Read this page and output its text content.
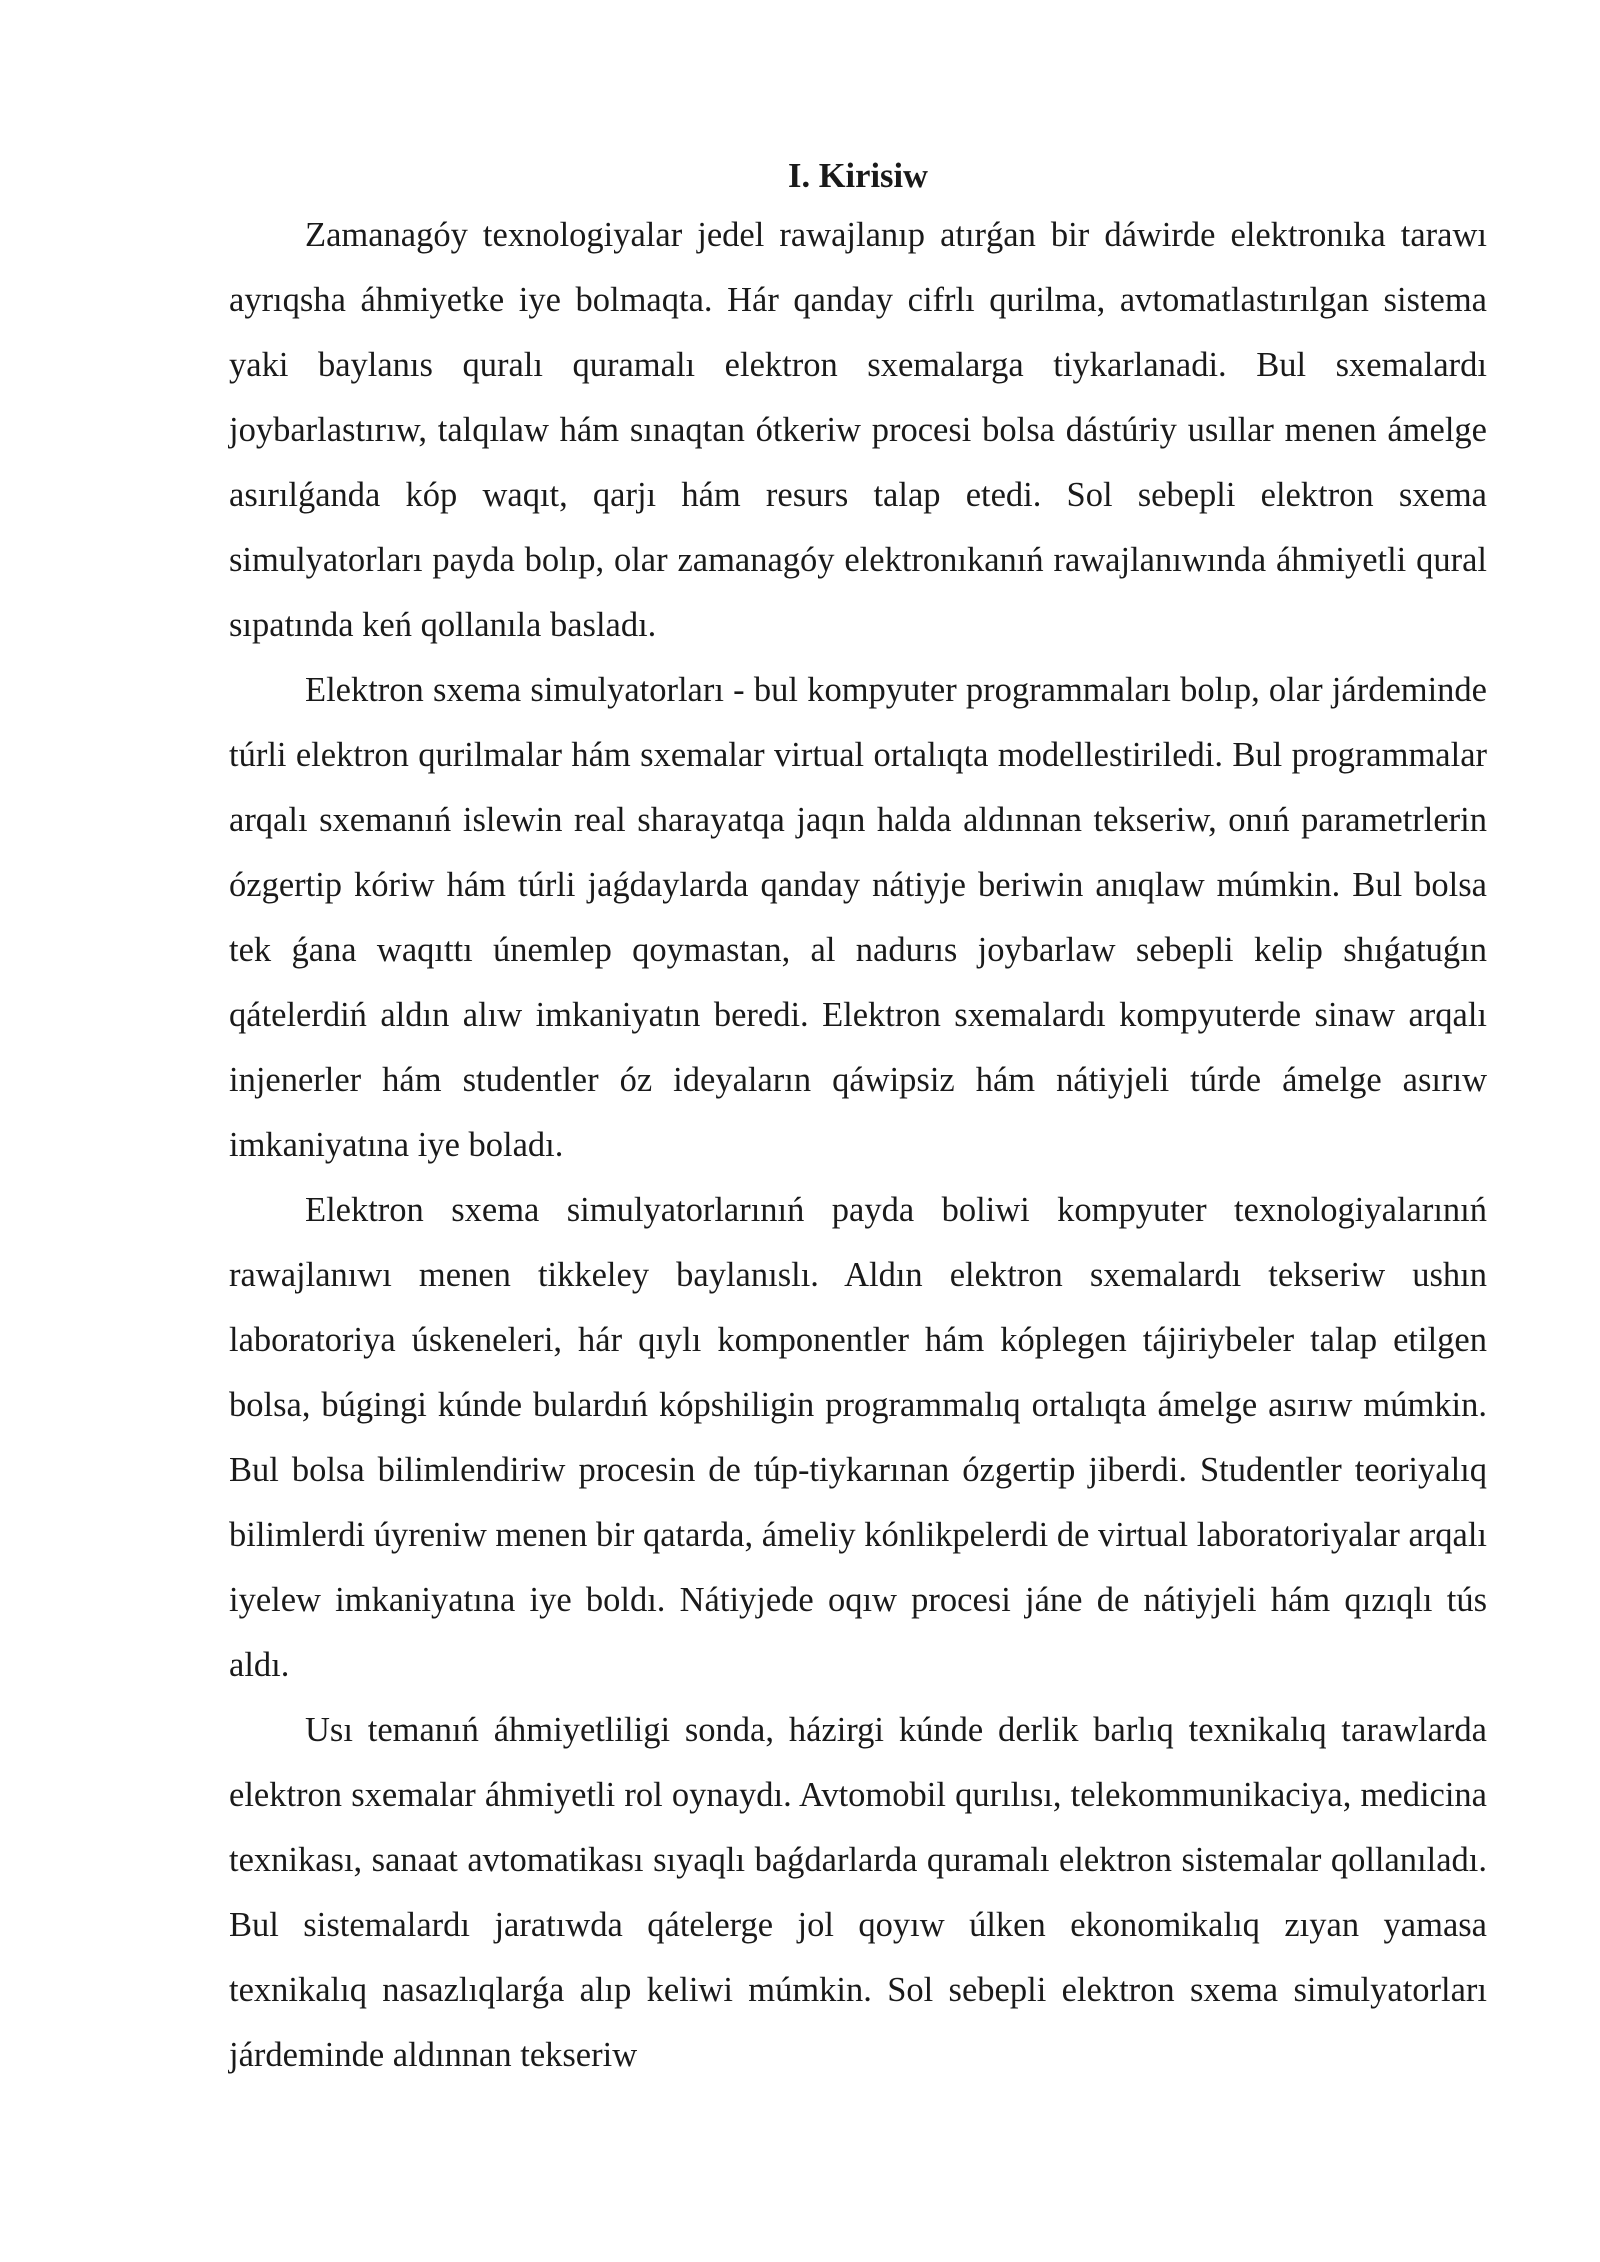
I. Kirisiw

Zamanagóy texnologiyalar jedel rawajlanıp atırǵan bir dáwirde elektronıka tarawı ayrıqsha áhmiyetke iye bolmaqta. Hár qanday cifrlı qurilma, avtomatlastırılgan sistema yaki baylanıs quralı quramalı elektron sxemalarga tiykarlanadi. Bul sxemalardı joybarlastırıw, talqılaw hám sınaqtan ótkeriw procesi bolsa dástúriy usıllar menen ámelge asırılǵanda kóp waqıt, qarjı hám resurs talap etedi. Sol sebepli elektron sxema simulyatorları payda bolıp, olar zamanagóy elektronıkanıń rawajlanıwında áhmiyetli qural sıpatında keń qollanıla basladı.

Elektron sxema simulyatorları - bul kompyuter programmaları bolıp, olar járdeminde túrli elektron qurilmalar hám sxemalar virtual ortalıqta modellestiriledi. Bul programmalar arqalı sxemanıń islewin real sharayatqa jaqın halda aldınnan tekseriw, onıń parametrlerin ózgertip kóriw hám túrli jaǵdaylarda qanday nátiyje beriwin anıqlaw múmkin. Bul bolsa tek ǵana waqıttı únemlep qoymastan, al nadurıs joybarlaw sebepli kelip shıǵatuǵın qátelerdiń aldın alıw imkaniyatın beredi. Elektron sxemalardı kompyuterde sinaw arqalı injenerler hám studentler óz ideyaların qáwipsiz hám nátiyjeli túrde ámelge asırıw imkaniyatına iye boladı.

Elektron sxema simulyatorlarınıń payda boliwi kompyuter texnologiyalarınıń rawajlanıwı menen tikkeley baylanıslı. Aldın elektron sxemalardı tekseriw ushın laboratoriya úskeneleri, hár qıylı komponentler hám kóplegen tájiriybeler talap etilgen bolsa, búgingi kúnde bulardıń kópshiligin programmalıq ortalıqta ámelge asırıw múmkin. Bul bolsa bilimlendiriw procesin de túp-tiykarınan ózgertip jiberdi. Studentler teoriyalıq bilimlerdi úyreniw menen bir qatarda, ámeliy kónlikpelerdi de virtual laboratoriyalar arqalı iyelew imkaniyatına iye boldı. Nátiyjede oqıw procesi jáne de nátiyjeli hám qızıqlı tús aldı.

Usı temanıń áhmiyetliligi sonda, házirgi kúnde derlik barlıq texnikalıq tarawlarda elektron sxemalar áhmiyetli rol oynaydı. Avtomobil qurılısı, telekommunikaciya, medicina texnikası, sanaat avtomatikası sıyaqlı baǵdarlarda quramalı elektron sistemalar qollanıladı. Bul sistemalardı jaratıwda qátelerge jol qoyıw úlken ekonomikalıq zıyan yamasa texnikalıq nasazlıqlarǵa alıp keliwi múmkin. Sol sebepli elektron sxema simulyatorları járdeminde aldınnan tekseriw
